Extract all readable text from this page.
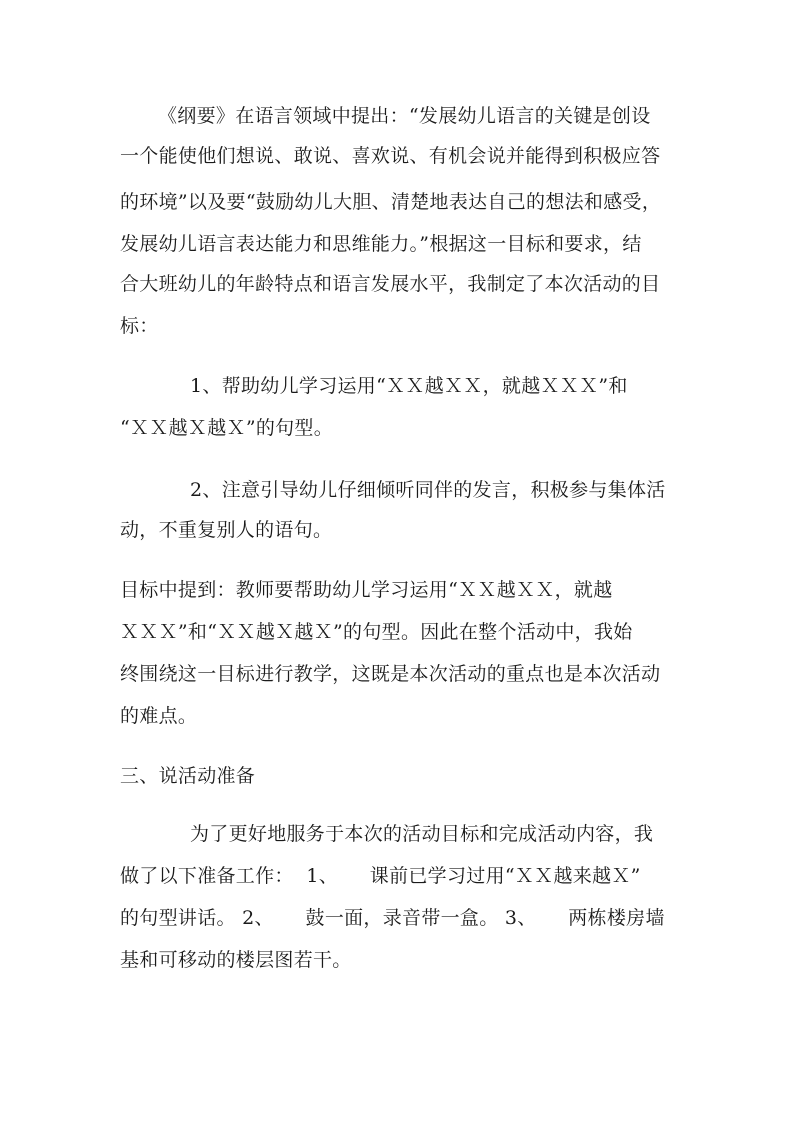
《纲要》在语言领域中提出：“发展幼儿语言的关键是创设
一个能使他们想说、敢说、喜欢说、有机会说并能得到积极应答
的环境”以及要“鼓励幼儿大胆、清楚地表达自己的想法和感受，
发展幼儿语言表达能力和思维能力。”根据这一目标和要求，结
合大班幼儿的年龄特点和语言发展水平，我制定了本次活动的目
标：
1、帮助幼儿学习运用“ＸＸ越ＸＸ，就越ＸＸＸ”和
“ＸＸ越Ｘ越Ｘ”的句型。
2、注意引导幼儿仔细倾听同伴的发言，积极参与集体活
动，不重复别人的语句。
目标中提到：教师要帮助幼儿学习运用“ＸＸ越ＸＸ，就越
ＸＸＸ”和“ＸＸ越Ｘ越Ｘ”的句型。因此在整个活动中，我始
终围绕这一目标进行教学，这既是本次活动的重点也是本次活动
的难点。
三、说活动准备
为了更好地服务于本次的活动目标和完成活动内容，我
做了以下准备工作：  1、     课前已学习过用“ＸＸ越来越Ｘ”
的句型讲话。 2、     鼓一面，录音带一盒。 3、     两栋楼房墙
基和可移动的楼层图若干。
